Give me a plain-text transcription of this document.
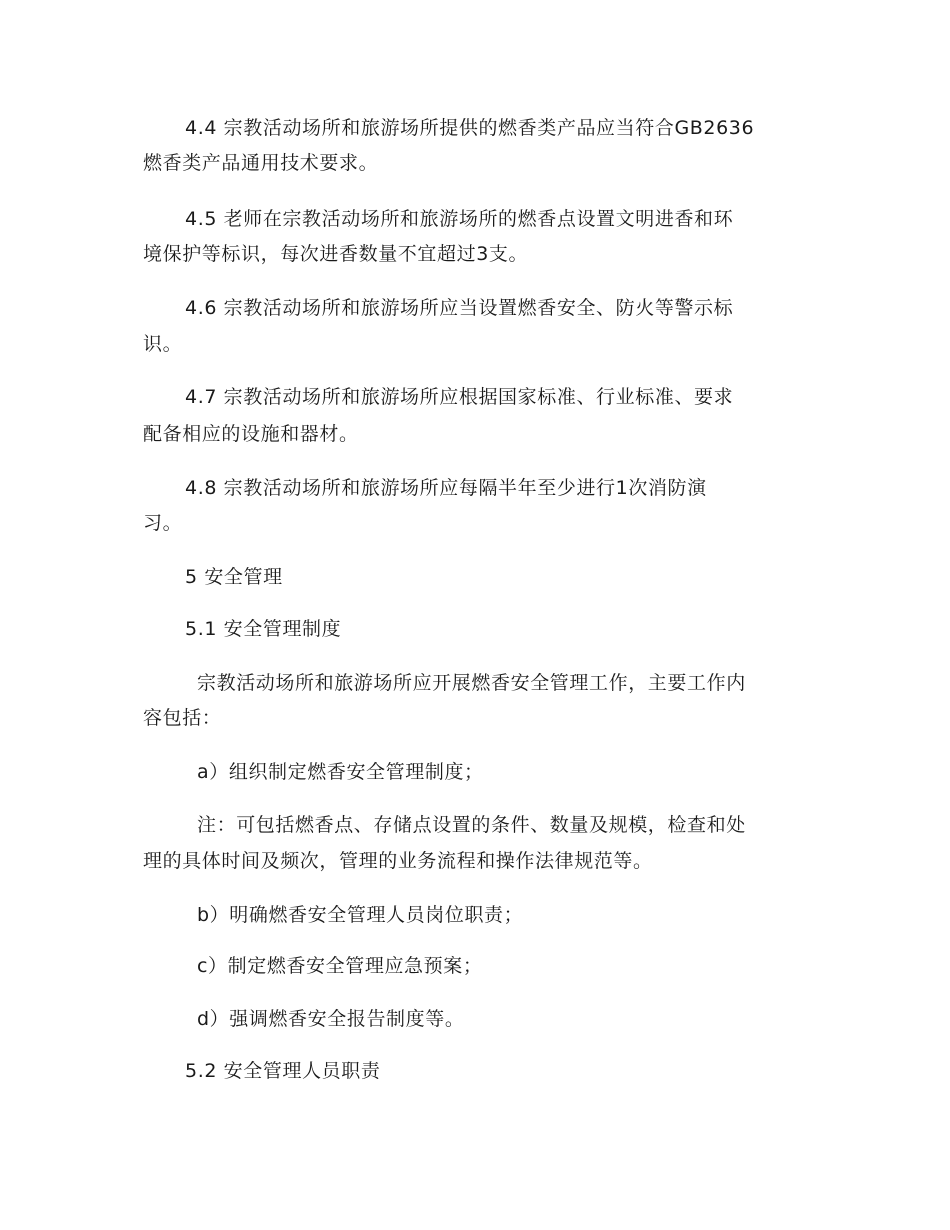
4.4 宗教活动场所和旅游场所提供的燃香类产品应当符合GB2636
燃香类产品通用技术要求。
4.5 老师在宗教活动场所和旅游场所的燃香点设置文明进香和环
境保护等标识，每次进香数量不宜超过3支。
4.6 宗教活动场所和旅游场所应当设置燃香安全、防火等警示标
识。
4.7 宗教活动场所和旅游场所应根据国家标准、行业标准、要求
配备相应的设施和器材。
4.8 宗教活动场所和旅游场所应每隔半年至少进行1次消防演
习。
5 安全管理
5.1 安全管理制度
宗教活动场所和旅游场所应开展燃香安全管理工作，主要工作内
容包括：
a）组织制定燃香安全管理制度；
注：可包括燃香点、存储点设置的条件、数量及规模，检查和处
理的具体时间及频次，管理的业务流程和操作法律规范等。
b）明确燃香安全管理人员岗位职责；
c）制定燃香安全管理应急预案；
d）强调燃香安全报告制度等。
5.2 安全管理人员职责
